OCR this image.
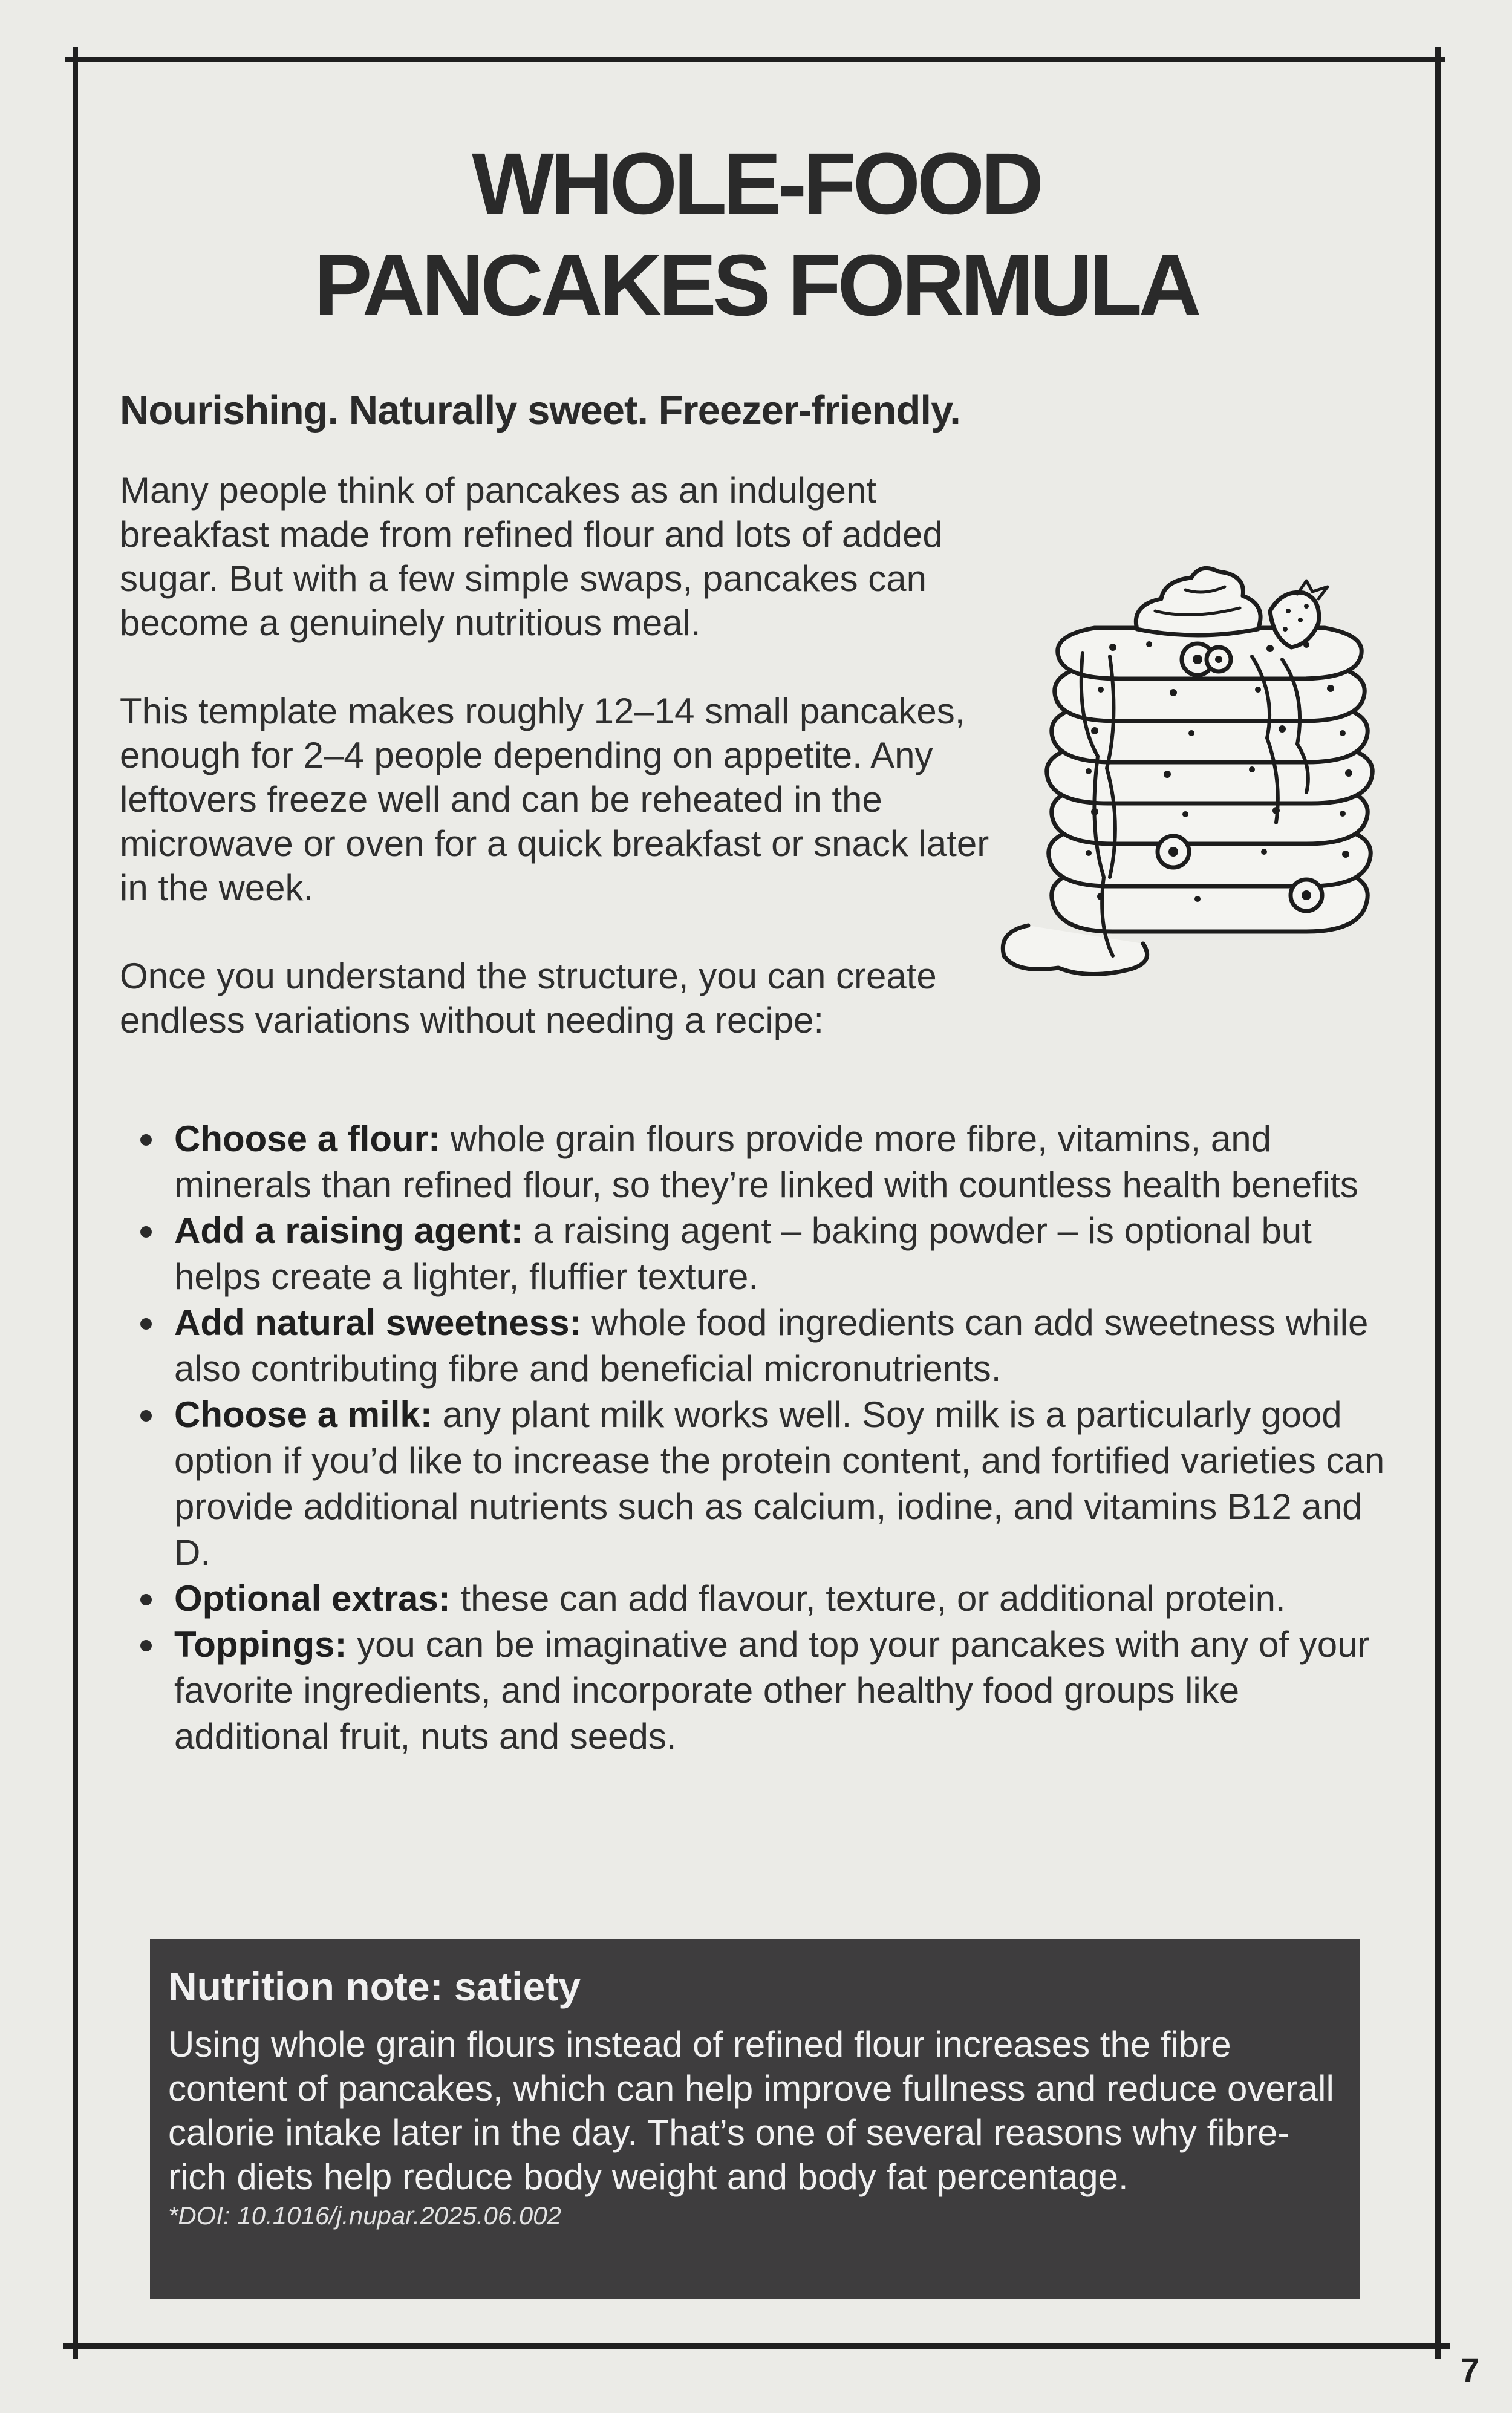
WHOLE-FOOD
PANCAKES FORMULA
Nourishing. Naturally sweet. Freezer-friendly.

Many people think of pancakes as an indulgent breakfast made from refined flour and lots of added sugar. But with a few simple swaps, pancakes can become a genuinely nutritious meal.

This template makes roughly 12–14 small pancakes, enough for 2–4 people depending on appetite. Any leftovers freeze well and can be reheated in the microwave or oven for a quick breakfast or snack later in the week.

Once you understand the structure, you can create endless variations without needing a recipe:

Choose a flour: whole grain flours provide more fibre, vitamins, and minerals than refined flour, so they’re linked with countless health benefits
Add a raising agent: a raising agent – baking powder – is optional but helps create a lighter, fluffier texture.
Add natural sweetness: whole food ingredients can add sweetness while also contributing fibre and beneficial micronutrients.
Choose a milk: any plant milk works well. Soy milk is a particularly good option if you’d like to increase the protein content, and fortified varieties can provide additional nutrients such as calcium, iodine, and vitamins B12 and D.
Optional extras: these can add flavour, texture, or additional protein.
Toppings: you can be imaginative and top your pancakes with any of your favorite ingredients, and incorporate other healthy food groups like additional fruit, nuts and seeds.
Nutrition note: satiety

Using whole grain flours instead of refined flour increases the fibre content of pancakes, which can help improve fullness and reduce overall calorie intake later in the day. That’s one of several reasons why fibre-rich diets help reduce body weight and body fat percentage.

*DOI: 10.1016/j.nupar.2025.06.002
7
